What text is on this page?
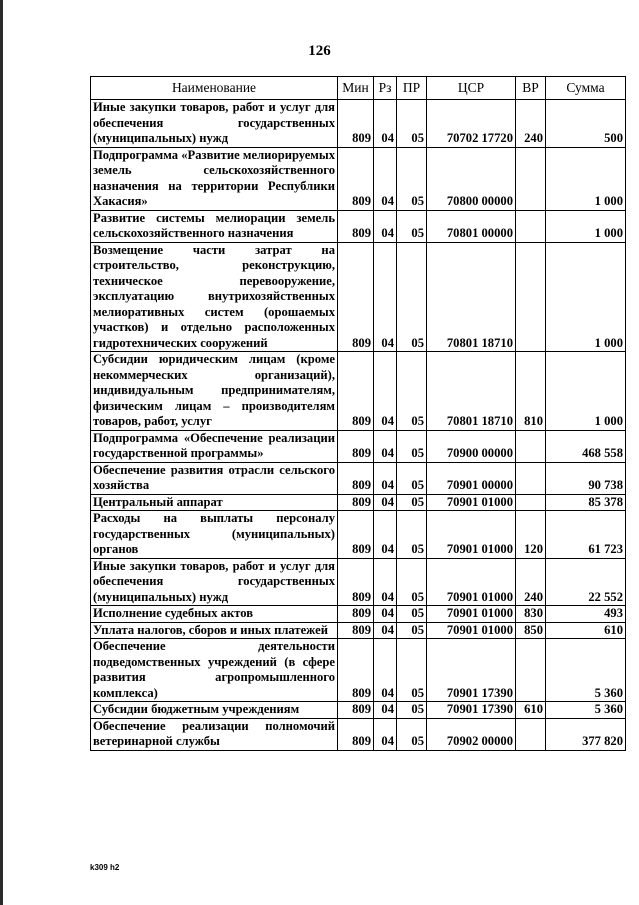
126
Наименование	Мин	Рз	ПР	ЦСР	ВР	Сумма
Иные закупки товаров, работ и услуг для обеспечения государственных (муниципальных) нужд	809	04	05	70702 17720	240	500
Подпрограмма «Развитие мелиорируемых земель сельскохозяйственного назначения на территории Республики Хакасия»	809	04	05	70800 00000		1 000
Развитие системы мелиорации земель сельскохозяйственного назначения	809	04	05	70801 00000		1 000
Возмещение части затрат на строительство, реконструкцию, техническое перевооружение, эксплуатацию внутрихозяйственных мелиоративных систем (орошаемых участков) и отдельно расположенных гидротехнических сооружений	809	04	05	70801 18710		1 000
Субсидии юридическим лицам (кроме некоммерческих организаций), индивидуальным предпринимателям, физическим лицам – производителям товаров, работ, услуг	809	04	05	70801 18710	810	1 000
Подпрограмма «Обеспечение реализации государственной программы»	809	04	05	70900 00000		468 558
Обеспечение развития отрасли сельского хозяйства	809	04	05	70901 00000		90 738
Центральный аппарат	809	04	05	70901 01000		85 378
Расходы на выплаты персоналу государственных (муниципальных) органов	809	04	05	70901 01000	120	61 723
Иные закупки товаров, работ и услуг для обеспечения государственных (муниципальных) нужд	809	04	05	70901 01000	240	22 552
Исполнение судебных актов	809	04	05	70901 01000	830	493
Уплата налогов, сборов и иных платежей	809	04	05	70901 01000	850	610
Обеспечение деятельности подведомственных учреждений (в сфере развития агропромышленного комплекса)	809	04	05	70901 17390		5 360
Субсидии бюджетным учреждениям	809	04	05	70901 17390	610	5 360
Обеспечение реализации полномочий ветеринарной службы	809	04	05	70902 00000		377 820
k309 h2
